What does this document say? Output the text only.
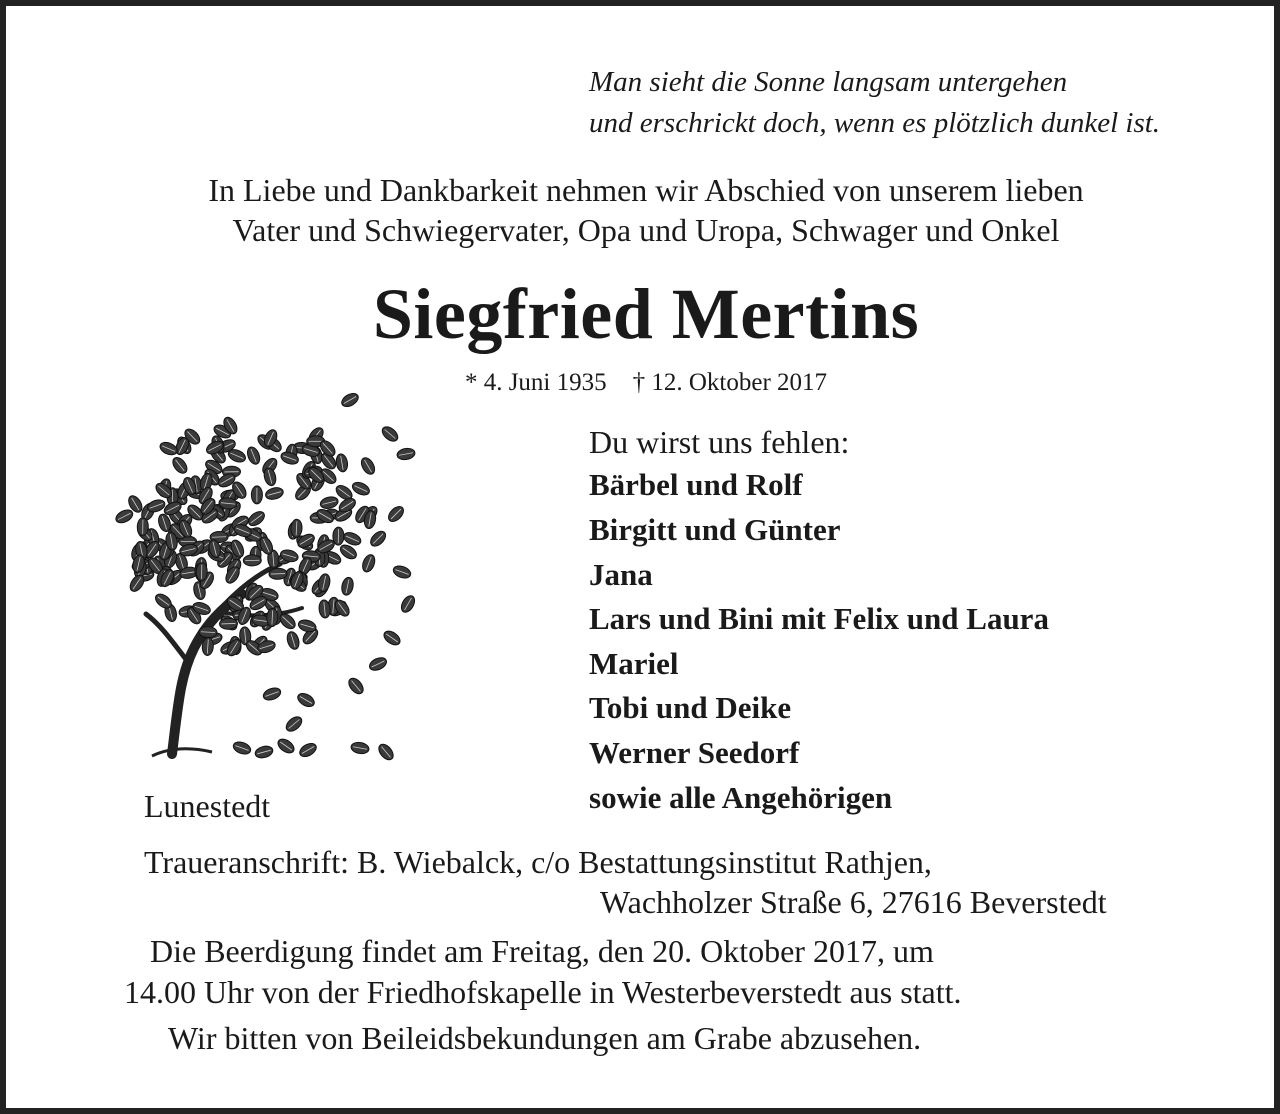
Man sieht die Sonne langsam untergehen

und erschrickt doch, wenn es plötzlich dunkel ist.

In Liebe und Dankbarkeit nehmen wir Abschied von unserem lieben

Vater und Schwiegervater, Opa und Uropa, Schwager und Onkel

Siegfried Mertins
* 4. Juni 1935 † 12. Oktober 2017

Du wirst uns fehlen:

Bärbel und Rolf

Birgitt und Günter

Jana

Lars und Bini mit Felix und Laura

Mariel

Tobi und Deike

Werner Seedorf

sowie alle Angehörigen

Lunestedt

Traueranschrift: B. Wiebalck, c/o Bestattungsinstitut Rathjen,

Wachholzer Straße 6, 27616 Beverstedt

Die Beerdigung findet am Freitag, den 20. Oktober 2017, um

14.00 Uhr von der Friedhofskapelle in Westerbeverstedt aus statt.

Wir bitten von Beileidsbekundungen am Grabe abzusehen.
